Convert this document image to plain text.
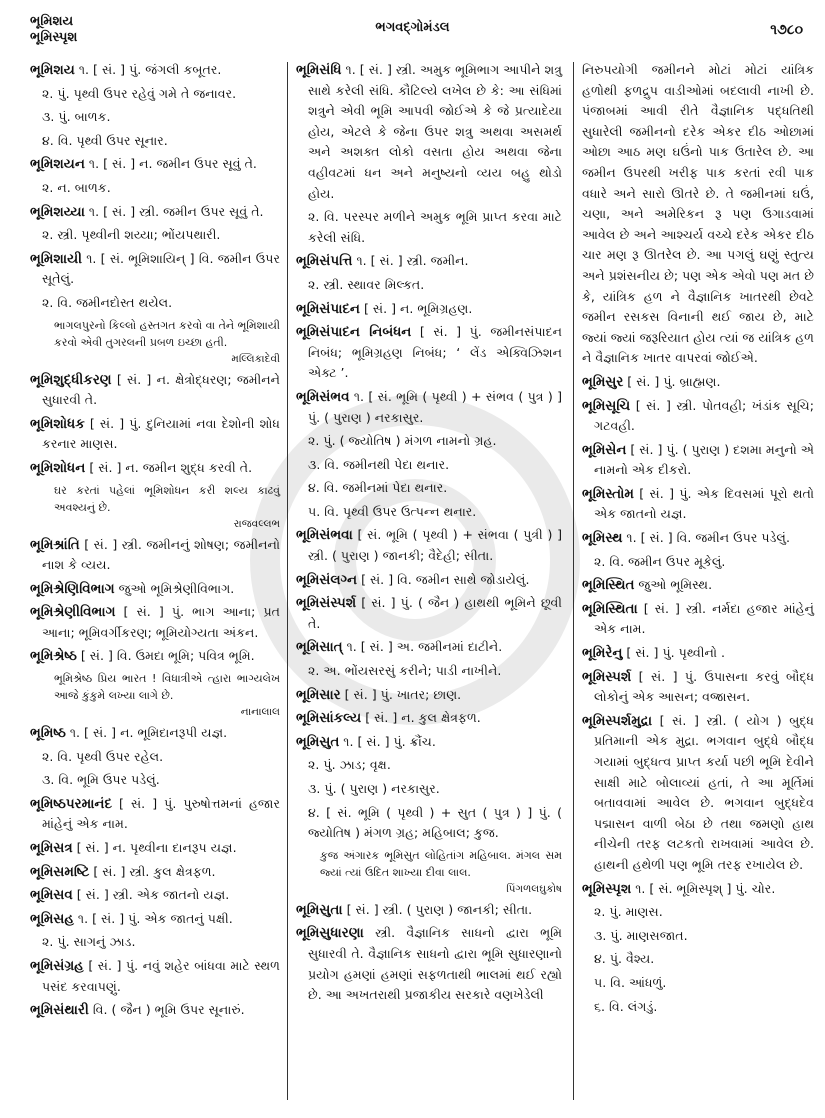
ભૂમિશય
ભૂમિસ્પૃશ
ભગવદ્ગોમંડલ	૧૭૮૦

ભૂમિશય ૧. [ સં. ] પું. જંગલી કબૂતર.

૨. પું. પૃથ્વી ઉપર રહેવું ગમે તે જનાવર.

૩. પું. બાળક.

૪. વિ. પૃથ્વી ઉપર સૂનાર.

ભૂમિશયન ૧. [ સં. ] ન. જમીન ઉપર સૂવું તે.

૨. ન. બાળક.

ભૂમિશય્યા ૧. [ સં. ] સ્ત્રી. જમીન ઉપર સૂવું તે.

૨. સ્ત્રી. પૃથ્વીની શય્યા; ભોંયપથારી.

ભૂમિશાયી ૧. [ સં. ભૂમિશાયિન્ ] વિ. જમીન ઉપર સૂતેલું.

૨. વિ. જમીનદોસ્ત થયેલ.

ભાગલપુરનો કિલ્લો હસ્તગત કરવો વા તેને ભૂમિશાયી કરવો એવી તુગરલની પ્રબળ ઇચ્છા હતી.

મલ્લિકાદેવી

ભૂમિશુદ્ધીકરણ [ સં. ] ન. ક્ષેત્રોદ્ધરણ; જમીનને સુધારવી તે.

ભૂમિશોધક [ સં. ] પું. દુનિયામાં નવા દેશોની શોધ કરનાર માણસ.

ભૂમિશોધન [ સં. ] ન. જમીન શુદ્ધ કરવી તે.

ઘર કરતાં પહેલાં ભૂમિશોધન કરી શલ્ય કાઢવું અવશ્યનું છે.

રાજવલ્લભ

ભૂમિશ્રાંતિ [ સં. ] સ્ત્રી. જમીનનું શોષણ; જમીનનો નાશ કે વ્યય.

ભૂમિશ્રેણિવિભાગ જુઓ ભૂમિશ્રેણીવિભાગ.

ભૂમિશ્રેણીવિભાગ [ સં. ] પું. ભાગ આના; પ્રત આના; ભૂમિવર્ગીકરણ; ભૂમિયોગ્યતા અંકન.

ભૂમિશ્રેષ્ઠ [ સં. ] વિ. ઉમદા ભૂમિ; પવિત્ર ભૂમિ.

ભૂમિશ્રેષ્ઠ પ્રિય ભારત ! વિધાત્રીએ ત્હારા ભાગ્યલેખ આજે કુંકુમે લખ્યા લાગે છે.

નાનાલાલ

ભૂમિષ્ઠ ૧. [ સં. ] ન. ભૂમિદાનરૂપી યજ્ઞ.

૨. વિ. પૃથ્વી ઉપર રહેલ.

૩. વિ. ભૂમિ ઉપર પડેલું.

ભૂમિષ્ઠપરમાનંદ [ સં. ] પું. પુરુષોત્તમનાં હજાર માંહેનું એક નામ.

ભૂમિસત્ર [ સં. ] ન. પૃથ્વીના દાનરૂપ યજ્ઞ.

ભૂમિસમષ્ટિ [ સં. ] સ્ત્રી. કુલ ક્ષેત્રફળ.

ભૂમિસવ [ સં. ] સ્ત્રી. એક જાતનો યજ્ઞ.

ભૂમિસહ ૧. [ સં. ] પું. એક જાતનું પક્ષી.

૨. પું. સાગનું ઝાડ.

ભૂમિસંગ્રહ [ સં. ] પું. નવું શહેર બાંધવા માટે સ્થળ પસંદ કરવાપણું.

ભૂમિસંથારી વિ. ( જૈન ) ભૂમિ ઉપર સૂનારું.

ભૂમિસંધિ ૧. [ સં. ] સ્ત્રી. અમુક ભૂમિભાગ આપીને શત્રુ સાથે કરેલી સંધિ. કૌટિલ્યે લખેલ છે કે: આ સંધિમાં શત્રુને એવી ભૂમિ આપવી જોઈએ કે જે પ્રત્યાદેયા હોય, એટલે કે જેના ઉપર શત્રુ અથવા અસમર્થ અને અશક્ત લોકો વસતા હોય અથવા જેના વહીવટમાં ધન અને મનુષ્યનો વ્યય બહુ થોડો હોય.

૨. વિ. પરસ્પર મળીને અમુક ભૂમિ પ્રાપ્ત કરવા માટે કરેલી સંધિ.

ભૂમિસંપત્તિ ૧. [ સં. ] સ્ત્રી. જમીન.

૨. સ્ત્રી. સ્થાવર મિલ્કત.

ભૂમિસંપાદન [ સં. ] ન. ભૂમિગ્રહણ.

ભૂમિસંપાદન નિબંધન [ સં. ] પું. જમીનસંપાદન નિબંધ; ભૂમિગ્રહણ નિબંધ; ‘ લેંડ એક્વિઝિશન એક્ટ ’.

ભૂમિસંભવ ૧. [ સં. ભૂમિ ( પૃથ્વી ) + સંભવ ( પુત્ર ) ] પું. ( પુરાણ ) નરકાસુર.

૨. પું. ( જ્યોતિષ ) મંગળ નામનો ગ્રહ.

૩. વિ. જમીનથી પેદા થનાર.

૪. વિ. જમીનમાં પેદા થનાર.

૫. વિ. પૃથ્વી ઉપર ઉત્પન્ન થનાર.

ભૂમિસંભવા [ સં. ભૂમિ ( પૃથ્વી ) + સંભવા ( પુત્રી ) ] સ્ત્રી. ( પુરાણ ) જાનકી; વૈદેહી; સીતા.

ભૂમિસંલગ્ન [ સં. ] વિ. જમીન સાથે જોડાયેલું.

ભૂમિસંસ્પર્શ [ સં. ] પું. ( જૈન ) હાથથી ભૂમિને છૂવી તે.

ભૂમિસાત્ ૧. [ સં. ] અ. જમીનમાં દાટીને.

૨. અ. ભોંયસરસું કરીને; પાડી નાખીને.

ભૂમિસાર [ સં. ] પું. ખાતર; છાણ.

ભૂમિસાંકલ્ય [ સં. ] ન. કુલ ક્ષેત્રફળ.

ભૂમિસુત ૧. [ સં. ] પું. ક્રૌંચ.

૨. પું. ઝાડ; વૃક્ષ.

૩. પું. ( પુરાણ ) નરકાસુર.

૪. [ સં. ભૂમિ ( પૃથ્વી ) + સુત ( પુત્ર ) ] પું. ( જ્યોતિષ ) મંગળ ગ્રહ; મહિબાલ; કુજ.

કુજ અંગારક ભૂમિસુત લોહિતાંગ મહિબાલ. મંગલ સમ જ્યાં ત્યાં ઉદિત શાખ્યા દીવા લાલ.

પિંગળલઘુકોષ

ભૂમિસુતા [ સં. ] સ્ત્રી. ( પુરાણ ) જાનકી; સીતા.

ભૂમિસુધારણા સ્ત્રી. વૈજ્ઞાનિક સાધનો દ્વારા ભૂમિ સુધારવી તે. વૈજ્ઞાનિક સાધનો દ્વારા ભૂમિ સુધારણાનો પ્રયોગ હમણાં હમણાં સફળતાથી ભાલમાં થઈ રહ્યો છે. આ અખતરાથી પ્રજાકીય સરકારે વણખેડેલી

નિરુપયોગી જમીનને મોટાં મોટાં યાંત્રિક હળોથી ફળદ્રુપ વાડીઓમાં બદલાવી નાખી છે. પંજાબમાં આવી રીતે વૈજ્ઞાનિક પદ્ધતિથી સુધારેલી જમીનનો દરેક એકર દીઠ ઓછામાં ઓછા આઠ મણ ઘઉંનો પાક ઉતારેલ છે. આ જમીન ઉપરથી ખરીફ પાક કરતાં રવી પાક વધારે અને સારો ઊતરે છે. તે જમીનમાં ઘઉં, ચણા, અને અમેરિકન રૂ પણ ઉગાડવામાં આવેલ છે અને આશ્ચર્ય વચ્ચે દરેક એકર દીઠ ચાર મણ રૂ ઊતરેલ છે. આ પગલું ઘણું સ્તુત્ય અને પ્રશંસનીય છે; પણ એક એવો પણ મત છે કે, યાંત્રિક હળ ને વૈજ્ઞાનિક ખાતરથી છેવટે જમીન રસકસ વિનાની થઈ જાય છે, માટે જ્યાં જ્યાં જરૂરિયાત હોય ત્યાં જ યાંત્રિક હળ ને વૈજ્ઞાનિક ખાતર વાપરવાં જોઈએ.

ભૂમિસુર [ સં. ] પું. બ્રાહ્મણ.

ભૂમિસૂચિ [ સં. ] સ્ત્રી. પોતવહી; ખંડાંક સૂચિ; ગટવહી.

ભૂમિસેન [ સં. ] પું. ( પુરાણ ) દશમા મનુનો એ નામનો એક દીકરો.

ભૂમિસ્તોમ [ સં. ] પું. એક દિવસમાં પૂરો થતો એક જાતનો યજ્ઞ.

ભૂમિસ્થ ૧. [ સં. ] વિ. જમીન ઉપર પડેલું.

૨. વિ. જમીન ઉપર મૂકેલું.

ભૂમિસ્થિત જુઓ ભૂમિસ્થ.

ભૂમિસ્થિતા [ સં. ] સ્ત્રી. નર્મદા હજાર માંહેનું એક નામ.

ભૂમિરેનુ [ સં. ] પું. પૃથ્વીનો .

ભૂમિસ્પર્શ [ સં. ] પું. ઉપાસના કરવું બૌદ્ધ લોકોનું એક આસન; વજ્રાસન.

ભૂમિસ્પર્શમુદ્રા [ સં. ] સ્ત્રી. ( યોગ ) બુદ્ધ પ્રતિમાની એક મુદ્રા. ભગવાન બુદ્ધે બૌદ્ધ ગયામાં બુદ્ધત્વ પ્રાપ્ત કર્યા પછી ભૂમિ દેવીને સાક્ષી માટે બોલાવ્યાં હતાં, તે આ મૂર્તિમાં બતાવવામાં આવેલ છે. ભગવાન બુદ્ધદેવ પદ્માસન વાળી બેઠા છે તથા જમણો હાથ નીચેની તરફ લટકતો રાખવામાં આવેલ છે. હાથની હથેળી પણ ભૂમિ તરફ રખાયેલ છે.

ભૂમિસ્પૃશ ૧. [ સં. ભૂમિસ્પૃશ્ ] પું. ચોર.

૨. પું. માણસ.

૩. પું. માણસજાત.

૪. પું. વૈશ્ય.

૫. વિ. આંધળું.

૬. વિ. લંગડું.
